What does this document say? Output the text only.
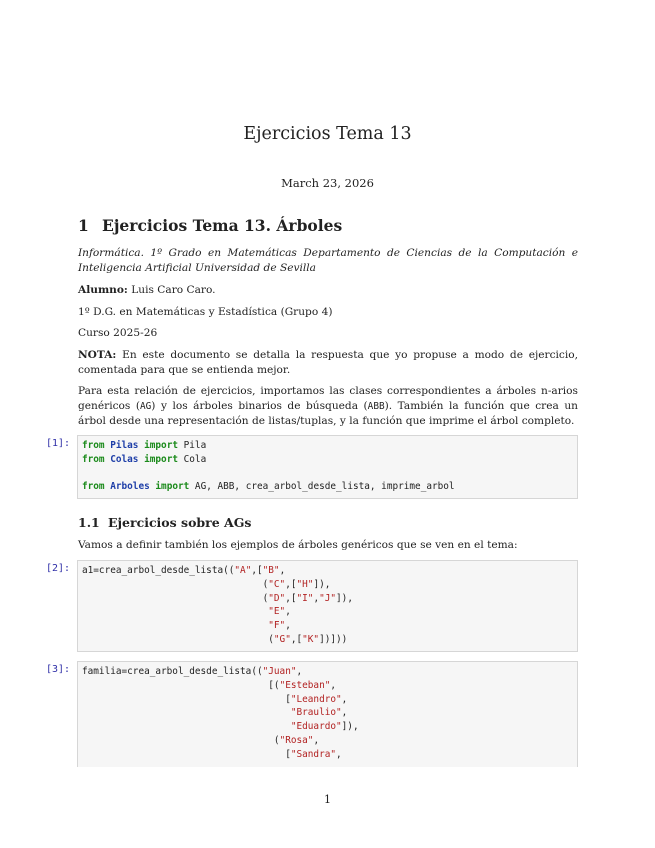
Ejercicios Tema 13
March 23, 2026
1 Ejercicios Tema 13. Árboles
Informática. 1º Grado en Matemáticas Departamento de Ciencias de la Computación e Inteligencia Artificial Universidad de Sevilla
Alumno: Luis Caro Caro.
1º D.G. en Matemáticas y Estadística (Grupo 4)
Curso 2025-26
NOTA: En este documento se detalla la respuesta que yo propuse a modo de ejercicio, comentada para que se entienda mejor.
Para esta relación de ejercicios, importamos las clases correspondientes a árboles n-arios genéricos (AG) y los árboles binarios de búsqueda (ABB). También la función que crea un árbol desde una representación de listas/tuplas, y la función que imprime el árbol completo.
[1]: from Pilas import Pila
from Colas import Cola

from Arboles import AG, ABB, crea_arbol_desde_lista, imprime_arbol
1.1 Ejercicios sobre AGs
Vamos a definir también los ejemplos de árboles genéricos que se ven en el tema:
[2]: a1=crea_arbol_desde_lista(("A",["B",
("C",["H"]),
("D",["I","J"]),
"E",
"F",
("G",["K"])]))
[3]: familia=crea_arbol_desde_lista(("Juan",
[("Esteban",
["Leandro",
"Braulio",
"Eduardo"]),
("Rosa",
["Sandra",
1
